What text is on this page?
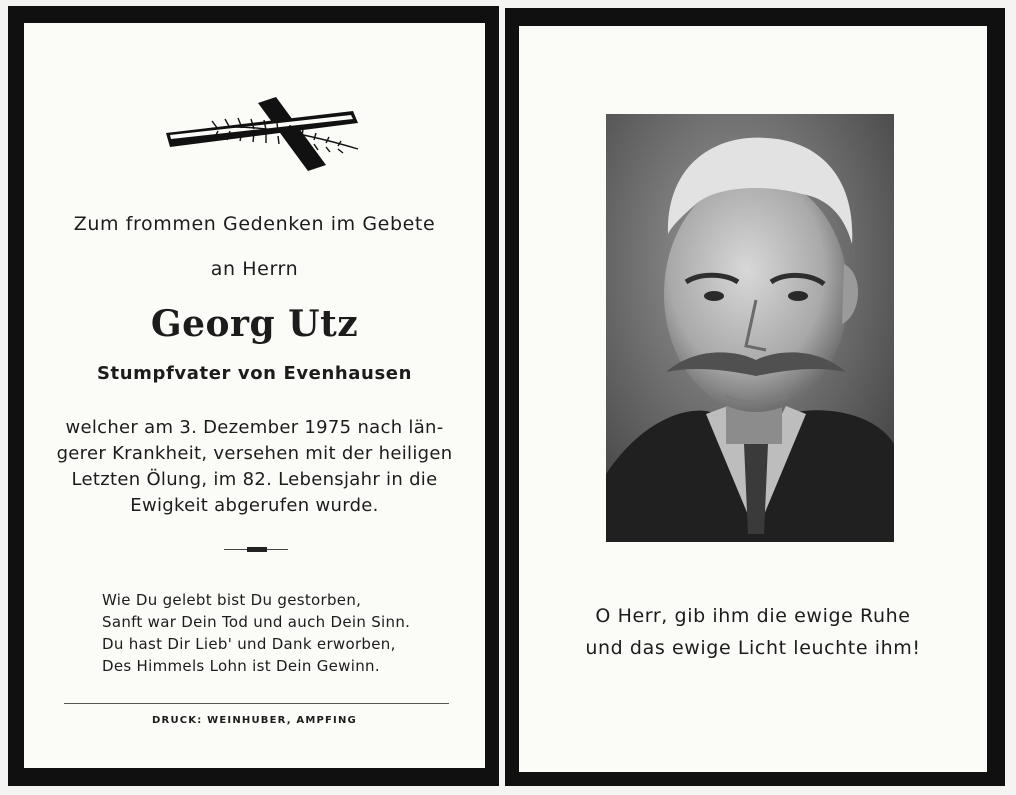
Zum frommen Gedenken im Gebete
an Herrn
Georg Utz
Stumpfvater von Evenhausen
welcher am 3. Dezember 1975 nach län-
gerer Krankheit, versehen mit der heiligen
Letzten Ölung, im 82. Lebensjahr in die
Ewigkeit abgerufen wurde.
Wie Du gelebt bist Du gestorben,
Sanft war Dein Tod und auch Dein Sinn.
Du hast Dir Lieb' und Dank erworben,
Des Himmels Lohn ist Dein Gewinn.
DRUCK: WEINHUBER, AMPFING
O Herr, gib ihm die ewige Ruhe
und das ewige Licht leuchte ihm!
